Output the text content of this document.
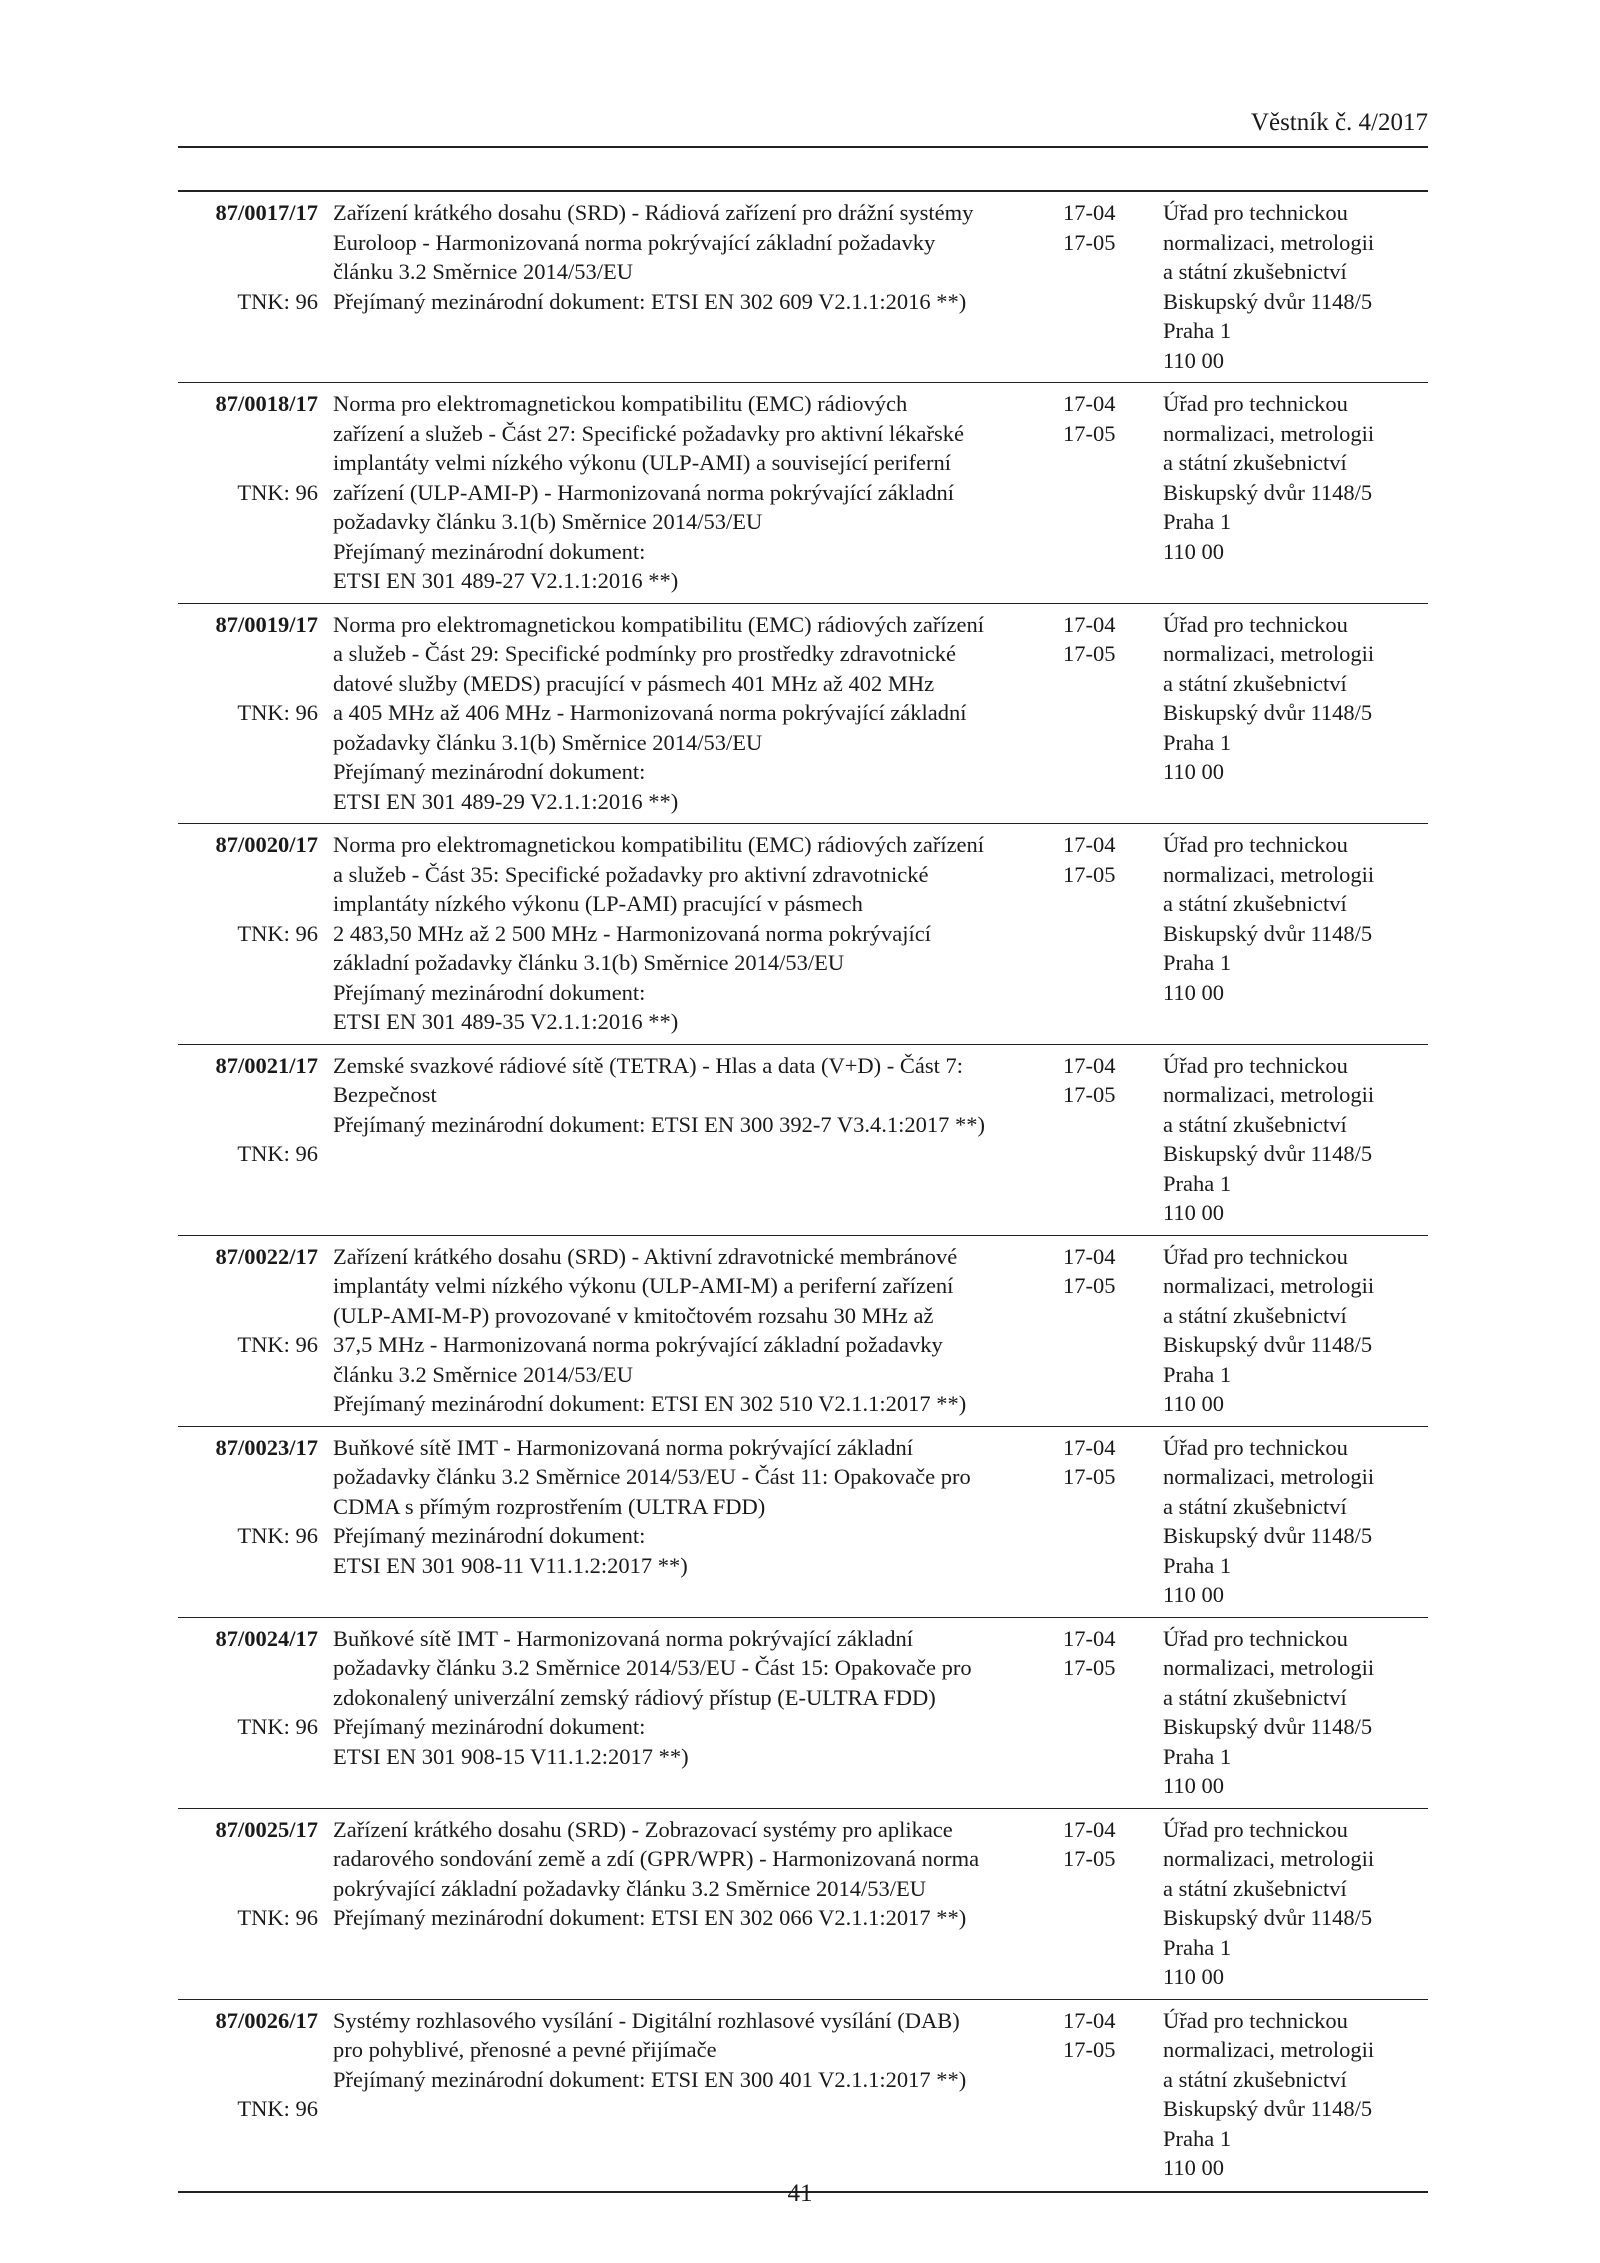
Věstník č. 4/2017
87/0017/17
TNK: 96
Zařízení krátkého dosahu (SRD) - Rádiová zařízení pro drážní systémy
Euroloop - Harmonizovaná norma pokrývající základní požadavky
článku 3.2 Směrnice 2014/53/EU
Přejímaný mezinárodní dokument: ETSI EN 302 609 V2.1.1:2016 **)
17-04
17-05
Úřad pro technickou
normalizaci, metrologii
a státní zkušebnictví
Biskupský dvůr 1148/5
Praha 1
110 00
87/0018/17
TNK: 96
Norma pro elektromagnetickou kompatibilitu (EMC) rádiových
zařízení a služeb - Část 27: Specifické požadavky pro aktivní lékařské
implantáty velmi nízkého výkonu (ULP-AMI) a související periferní
zařízení (ULP-AMI-P) - Harmonizovaná norma pokrývající základní
požadavky článku 3.1(b) Směrnice 2014/53/EU
Přejímaný mezinárodní dokument:
ETSI EN 301 489-27 V2.1.1:2016 **)
17-04
17-05
Úřad pro technickou
normalizaci, metrologii
a státní zkušebnictví
Biskupský dvůr 1148/5
Praha 1
110 00
87/0019/17
TNK: 96
Norma pro elektromagnetickou kompatibilitu (EMC) rádiových zařízení
a služeb - Část 29: Specifické podmínky pro prostředky zdravotnické
datové služby (MEDS) pracující v pásmech 401 MHz až 402 MHz
a 405 MHz až 406 MHz - Harmonizovaná norma pokrývající základní
požadavky článku 3.1(b) Směrnice 2014/53/EU
Přejímaný mezinárodní dokument:
ETSI EN 301 489-29 V2.1.1:2016 **)
17-04
17-05
Úřad pro technickou
normalizaci, metrologii
a státní zkušebnictví
Biskupský dvůr 1148/5
Praha 1
110 00
87/0020/17
TNK: 96
Norma pro elektromagnetickou kompatibilitu (EMC) rádiových zařízení
a služeb - Část 35: Specifické požadavky pro aktivní zdravotnické
implantáty nízkého výkonu (LP-AMI) pracující v pásmech
2 483,50 MHz až 2 500 MHz - Harmonizovaná norma pokrývající
základní požadavky článku 3.1(b) Směrnice 2014/53/EU
Přejímaný mezinárodní dokument:
ETSI EN 301 489-35 V2.1.1:2016 **)
17-04
17-05
Úřad pro technickou
normalizaci, metrologii
a státní zkušebnictví
Biskupský dvůr 1148/5
Praha 1
110 00
87/0021/17
TNK: 96
Zemské svazkové rádiové sítě (TETRA) - Hlas a data (V+D) - Část 7:
Bezpečnost
Přejímaný mezinárodní dokument: ETSI EN 300 392-7 V3.4.1:2017 **)
17-04
17-05
Úřad pro technickou
normalizaci, metrologii
a státní zkušebnictví
Biskupský dvůr 1148/5
Praha 1
110 00
87/0022/17
TNK: 96
Zařízení krátkého dosahu (SRD) - Aktivní zdravotnické membránové
implantáty velmi nízkého výkonu (ULP-AMI-M) a periferní zařízení
(ULP-AMI-M-P) provozované v kmitočtovém rozsahu 30 MHz až
37,5 MHz - Harmonizovaná norma pokrývající základní požadavky
článku 3.2 Směrnice 2014/53/EU
Přejímaný mezinárodní dokument: ETSI EN 302 510 V2.1.1:2017 **)
17-04
17-05
Úřad pro technickou
normalizaci, metrologii
a státní zkušebnictví
Biskupský dvůr 1148/5
Praha 1
110 00
87/0023/17
TNK: 96
Buňkové sítě IMT - Harmonizovaná norma pokrývající základní
požadavky článku 3.2 Směrnice 2014/53/EU - Část 11: Opakovače pro
CDMA s přímým rozprostřením (ULTRA FDD)
Přejímaný mezinárodní dokument:
ETSI EN 301 908-11 V11.1.2:2017 **)
17-04
17-05
Úřad pro technickou
normalizaci, metrologii
a státní zkušebnictví
Biskupský dvůr 1148/5
Praha 1
110 00
87/0024/17
TNK: 96
Buňkové sítě IMT - Harmonizovaná norma pokrývající základní
požadavky článku 3.2 Směrnice 2014/53/EU - Část 15: Opakovače pro
zdokonalený univerzální zemský rádiový přístup (E-ULTRA FDD)
Přejímaný mezinárodní dokument:
ETSI EN 301 908-15 V11.1.2:2017 **)
17-04
17-05
Úřad pro technickou
normalizaci, metrologii
a státní zkušebnictví
Biskupský dvůr 1148/5
Praha 1
110 00
87/0025/17
TNK: 96
Zařízení krátkého dosahu (SRD) - Zobrazovací systémy pro aplikace
radarového sondování země a zdí (GPR/WPR) - Harmonizovaná norma
pokrývající základní požadavky článku 3.2 Směrnice 2014/53/EU
Přejímaný mezinárodní dokument: ETSI EN 302 066 V2.1.1:2017 **)
17-04
17-05
Úřad pro technickou
normalizaci, metrologii
a státní zkušebnictví
Biskupský dvůr 1148/5
Praha 1
110 00
87/0026/17
TNK: 96
Systémy rozhlasového vysílání - Digitální rozhlasové vysílání (DAB)
pro pohyblivé, přenosné a pevné přijímače
Přejímaný mezinárodní dokument: ETSI EN 300 401 V2.1.1:2017 **)
17-04
17-05
Úřad pro technickou
normalizaci, metrologii
a státní zkušebnictví
Biskupský dvůr 1148/5
Praha 1
110 00
41
